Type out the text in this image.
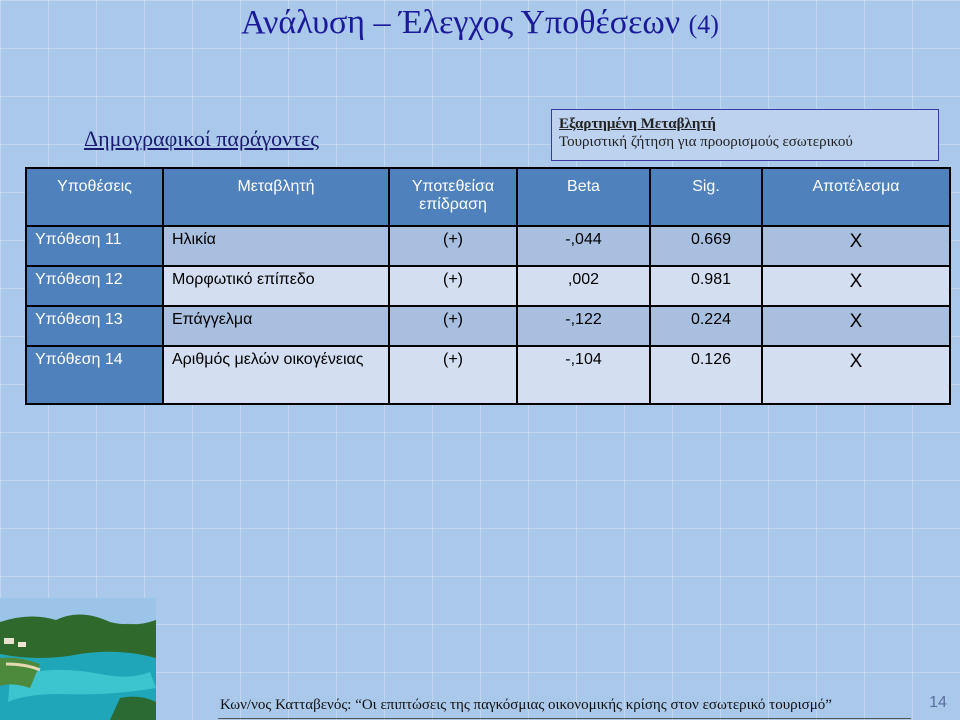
Ανάλυση – Έλεγχος Υποθέσεων (4)
Δημογραφικοί παράγοντες
Εξαρτημένη Μεταβλητή
Τουριστική ζήτηση για προορισμούς εσωτερικού
Υποθέσεις	Μεταβλητή	Υποτεθείσα επίδραση	Beta	Sig.	Αποτέλεσμα
Υπόθεση 11	Ηλικία	(+)	-,044	0.669	X
Υπόθεση 12	Μορφωτικό επίπεδο	(+)	,002	0.981	X
Υπόθεση 13	Επάγγελμα	(+)	-,122	0.224	X
Υπόθεση 14	Αριθμός μελών οικογένειας	(+)	-,104	0.126	X
Κων/νος Κατταβενός: “Οι επιπτώσεις της παγκόσμιας οικονομικής κρίσης στον εσωτερικό τουρισμό”	14
